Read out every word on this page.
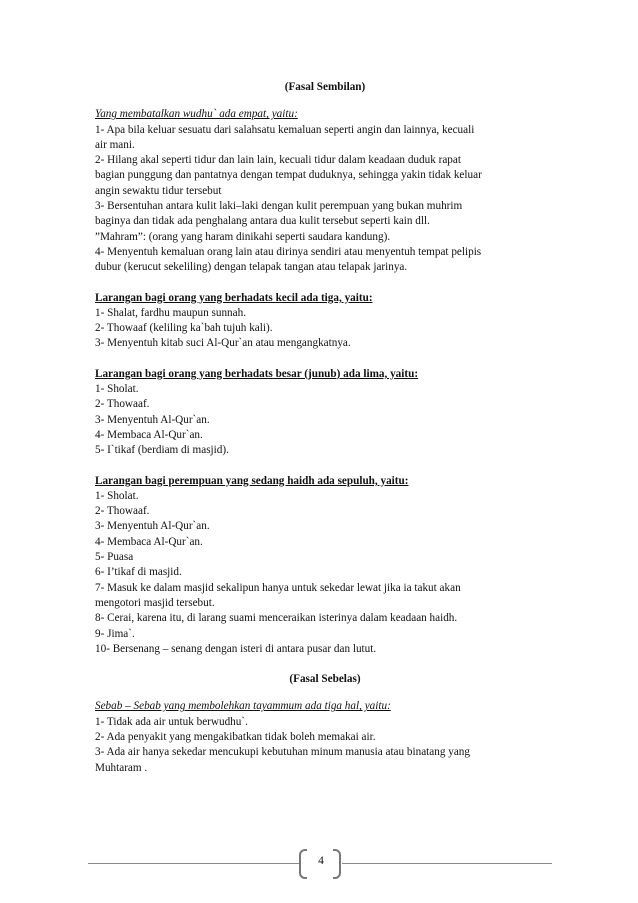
(Fasal Sembilan)
Yang membatalkan wudhu` ada empat, yaitu:
1- Apa bila keluar sesuatu dari salahsatu kemaluan seperti angin dan lainnya, kecuali
air mani.
2- Hilang akal seperti tidur dan lain lain, kecuali tidur dalam keadaan duduk rapat
bagian punggung dan pantatnya dengan tempat duduknya, sehingga yakin tidak keluar
angin sewaktu tidur tersebut
3- Bersentuhan antara kulit laki–laki dengan kulit perempuan yang bukan muhrim
baginya dan tidak ada penghalang antara dua kulit tersebut seperti kain dll.
”Mahram”: (orang yang haram dinikahi seperti saudara kandung).
4- Menyentuh kemaluan orang lain atau dirinya sendiri atau menyentuh tempat pelipis
dubur (kerucut sekeliling) dengan telapak tangan atau telapak jarinya.
Larangan bagi orang yang berhadats kecil ada tiga, yaitu:
1- Shalat, fardhu maupun sunnah.
2- Thowaaf (keliling ka`bah tujuh kali).
3- Menyentuh kitab suci Al-Qur`an atau mengangkatnya.
Larangan bagi orang yang berhadats besar (junub) ada lima, yaitu:
1- Sholat.
2- Thowaaf.
3- Menyentuh Al-Qur`an.
4- Membaca Al-Qur`an.
5- I`tikaf (berdiam di masjid).
Larangan bagi perempuan yang sedang haidh ada sepuluh, yaitu:
1- Sholat.
2- Thowaaf.
3- Menyentuh Al-Qur`an.
4- Membaca Al-Qur`an.
5- Puasa
6- I’tikaf di masjid.
7- Masuk ke dalam masjid sekalipun hanya untuk sekedar lewat jika ia takut akan
mengotori masjid tersebut.
8- Cerai, karena itu, di larang suami menceraikan isterinya dalam keadaan haidh.
9- Jima`.
10- Bersenang – senang dengan isteri di antara pusar dan lutut.
(Fasal Sebelas)
Sebab – Sebab yang membolehkan tayammum ada tiga hal, yaitu:
1- Tidak ada air untuk berwudhu`.
2- Ada penyakit yang mengakibatkan tidak boleh memakai air.
3- Ada air hanya sekedar mencukupi kebutuhan minum manusia atau binatang yang
Muhtaram .
4
